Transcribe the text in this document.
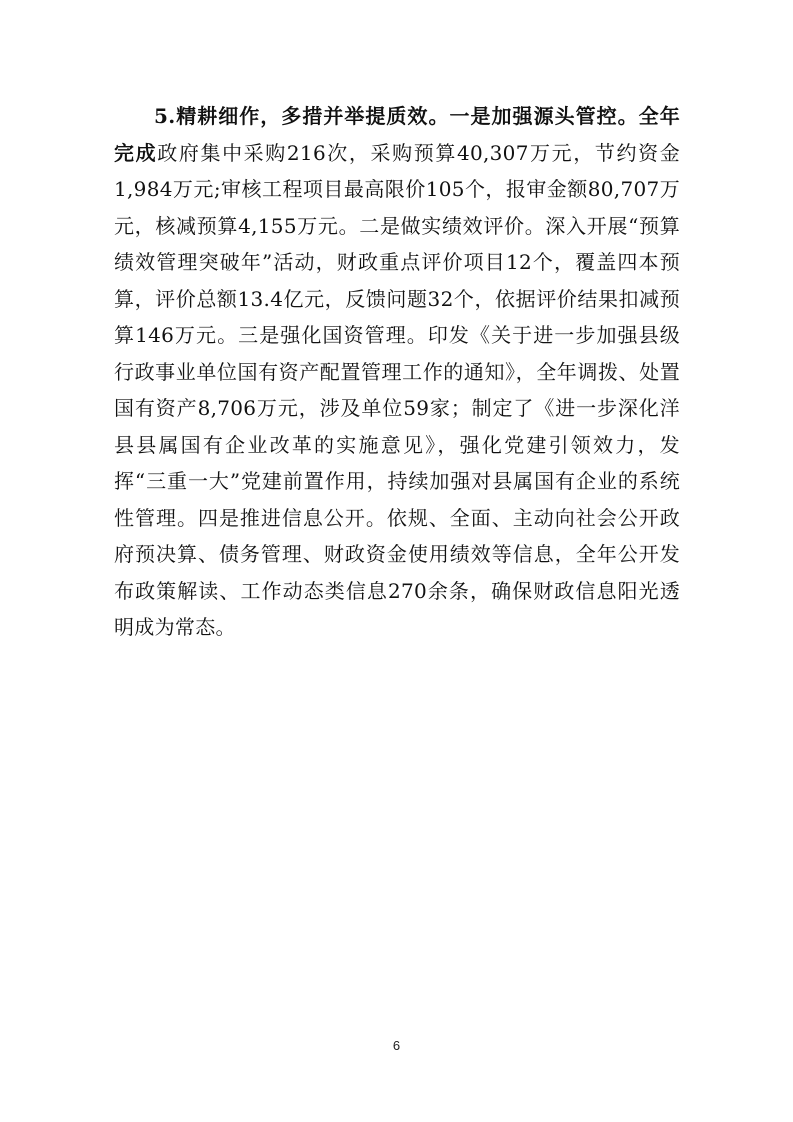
5.精耕细作，多措并举提质效。一是加强源头管控。全年完成政府集中采购216次，采购预算40,307万元，节约资金1,984万元;审核工程项目最高限价105个，报审金额80,707万元，核减预算4,155万元。二是做实绩效评价。深入开展“预算绩效管理突破年”活动，财政重点评价项目12个，覆盖四本预算，评价总额13.4亿元，反馈问题32个，依据评价结果扣减预算146万元。三是强化国资管理。印发《关于进一步加强县级行政事业单位国有资产配置管理工作的通知》，全年调拨、处置国有资产8,706万元，涉及单位59家；制定了《进一步深化洋县县属国有企业改革的实施意见》，强化党建引领效力，发挥“三重一大”党建前置作用，持续加强对县属国有企业的系统性管理。四是推进信息公开。依规、全面、主动向社会公开政府预决算、债务管理、财政资金使用绩效等信息，全年公开发布政策解读、工作动态类信息270余条，确保财政信息阳光透明成为常态。

6
